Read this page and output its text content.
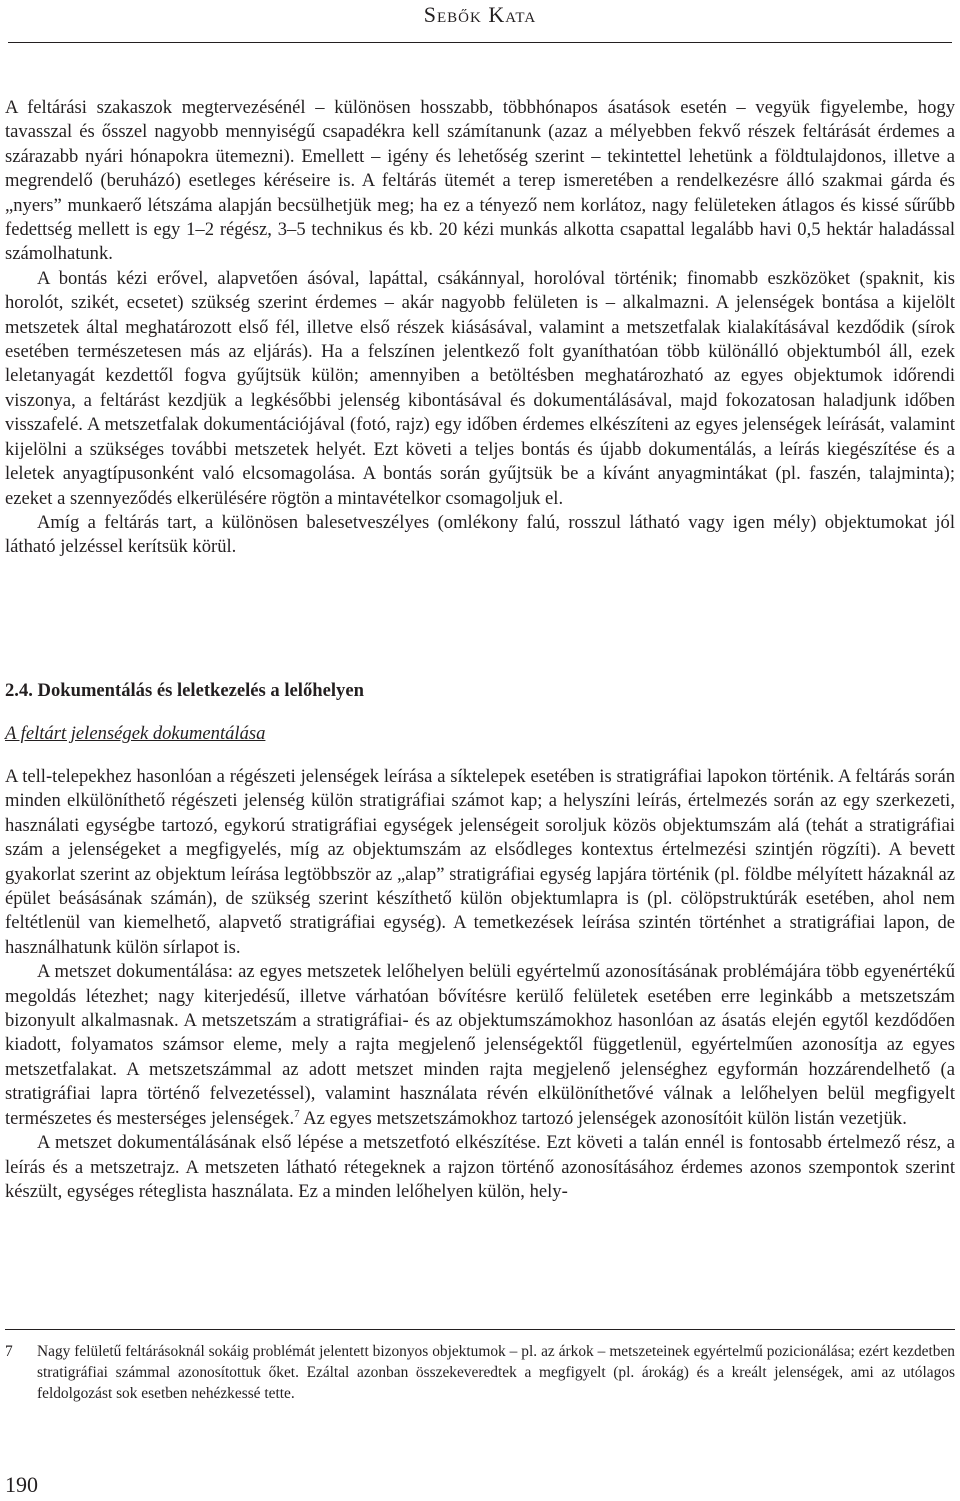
Sebők Kata

A feltárási szakaszok megtervezésénél – különösen hosszabb, többhónapos ásatások esetén – vegyük figyelembe, hogy tavasszal és ősszel nagyobb mennyiségű csapadékra kell számítanunk (azaz a mélyebben fekvő részek feltárását érdemes a szárazabb nyári hónapokra ütemezni). Emellett – igény és lehetőség szerint – tekintettel lehetünk a földtulajdonos, illetve a megrendelő (beruházó) esetleges kéréseire is. A feltárás ütemét a terep ismeretében a rendelkezésre álló szakmai gárda és „nyers” munkaerő létszáma alapján becsülhetjük meg; ha ez a tényező nem korlátoz, nagy felületeken átlagos és kissé sűrűbb fedettség mellett is egy 1–2 régész, 3–5 technikus és kb. 20 kézi munkás alkotta csapattal legalább havi 0,5 hektár haladással számolhatunk.

A bontás kézi erővel, alapvetően ásóval, lapáttal, csákánnyal, horolóval történik; finomabb eszközöket (spaknit, kis horolót, szikét, ecsetet) szükség szerint érdemes – akár nagyobb felületen is – alkalmazni. A jelenségek bontása a kijelölt metszetek által meghatározott első fél, illetve első részek kiásásával, valamint a metszetfalak kialakításával kezdődik (sírok esetében természetesen más az eljárás). Ha a felszínen jelentkező folt gyaníthatóan több különálló objektumból áll, ezek leletanyagát kezdettől fogva gyűjtsük külön; amennyiben a betöltésben meghatározható az egyes objektumok időrendi viszonya, a feltárást kezdjük a legkésőbbi jelenség kibontásával és dokumentálásával, majd fokozatosan haladjunk időben visszafelé. A metszetfalak dokumentációjával (fotó, rajz) egy időben érdemes elkészíteni az egyes jelenségek leírását, valamint kijelölni a szükséges további metszetek helyét. Ezt követi a teljes bontás és újabb dokumentálás, a leírás kiegészítése és a leletek anyagtípusonként való elcsomagolása. A bontás során gyűjtsük be a kívánt anyagmintákat (pl. faszén, talajminta); ezeket a szennyeződés elkerülésére rögtön a mintavételkor csomagoljuk el.

Amíg a feltárás tart, a különösen balesetveszélyes (omlékony falú, rosszul látható vagy igen mély) objektumokat jól látható jelzéssel kerítsük körül.

2.4. Dokumentálás és leletkezelés a lelőhelyen
A feltárt jelenségek dokumentálása

A tell-telepekhez hasonlóan a régészeti jelenségek leírása a síktelepek esetében is stratigráfiai lapokon történik. A feltárás során minden elkülöníthető régészeti jelenség külön stratigráfiai számot kap; a helyszíni leírás, értelmezés során az egy szerkezeti, használati egységbe tartozó, egykorú stratigráfiai egységek jelenségeit soroljuk közös objektumszám alá (tehát a stratigráfiai szám a jelenségeket a megfigyelés, míg az objektumszám az elsődleges kontextus értelmezési szintjén rögzíti). A bevett gyakorlat szerint az objektum leírása legtöbbször az „alap” stratigráfiai egység lapjára történik (pl. földbe mélyített házaknál az épület beásásának számán), de szükség szerint készíthető külön objektumlapra is (pl. cölöpstruktúrák esetében, ahol nem feltétlenül van kiemelhető, alapvető stratigráfiai egység). A temetkezések leírása szintén történhet a stratigráfiai lapon, de használhatunk külön sírlapot is.

A metszet dokumentálása: az egyes metszetek lelőhelyen belüli egyértelmű azonosításának problémájára több egyenértékű megoldás létezhet; nagy kiterjedésű, illetve várhatóan bővítésre kerülő felületek esetében erre leginkább a metszetszám bizonyult alkalmasnak. A metszetszám a stratigráfiai- és az objektumszámokhoz hasonlóan az ásatás elején egytől kezdődően kiadott, folyamatos számsor eleme, mely a rajta megjelenő jelenségektől függetlenül, egyértelműen azonosítja az egyes metszetfalakat. A metszetszámmal az adott metszet minden rajta megjelenő jelenséghez egyformán hozzárendelhető (a stratigráfiai lapra történő felvezetéssel), valamint használata révén elkülöníthetővé válnak a lelőhelyen belül megfigyelt természetes és mesterséges jelenségek.$^7$ Az egyes metszetszámokhoz tartozó jelenségek azonosítóit külön listán vezetjük.

A metszet dokumentálásának első lépése a metszetfotó elkészítése. Ezt követi a talán ennél is fontosabb értelmező rész, a leírás és a metszetrajz. A metszeten látható rétegeknek a rajzon történő azonosításához érdemes azonos szempontok szerint készült, egységes réteglista használata. Ez a minden lelőhelyen külön, hely-

7 Nagy felületű feltárásoknál sokáig problémát jelentett bizonyos objektumok – pl. az árkok – metszeteinek egyértelmű pozicionálása; ezért kezdetben stratigráfiai számmal azonosítottuk őket. Ezáltal azonban összekeveredtek a megfigyelt (pl. árokág) és a kreált jelenségek, ami az utólagos feldolgozást sok esetben nehézkessé tette.
190
